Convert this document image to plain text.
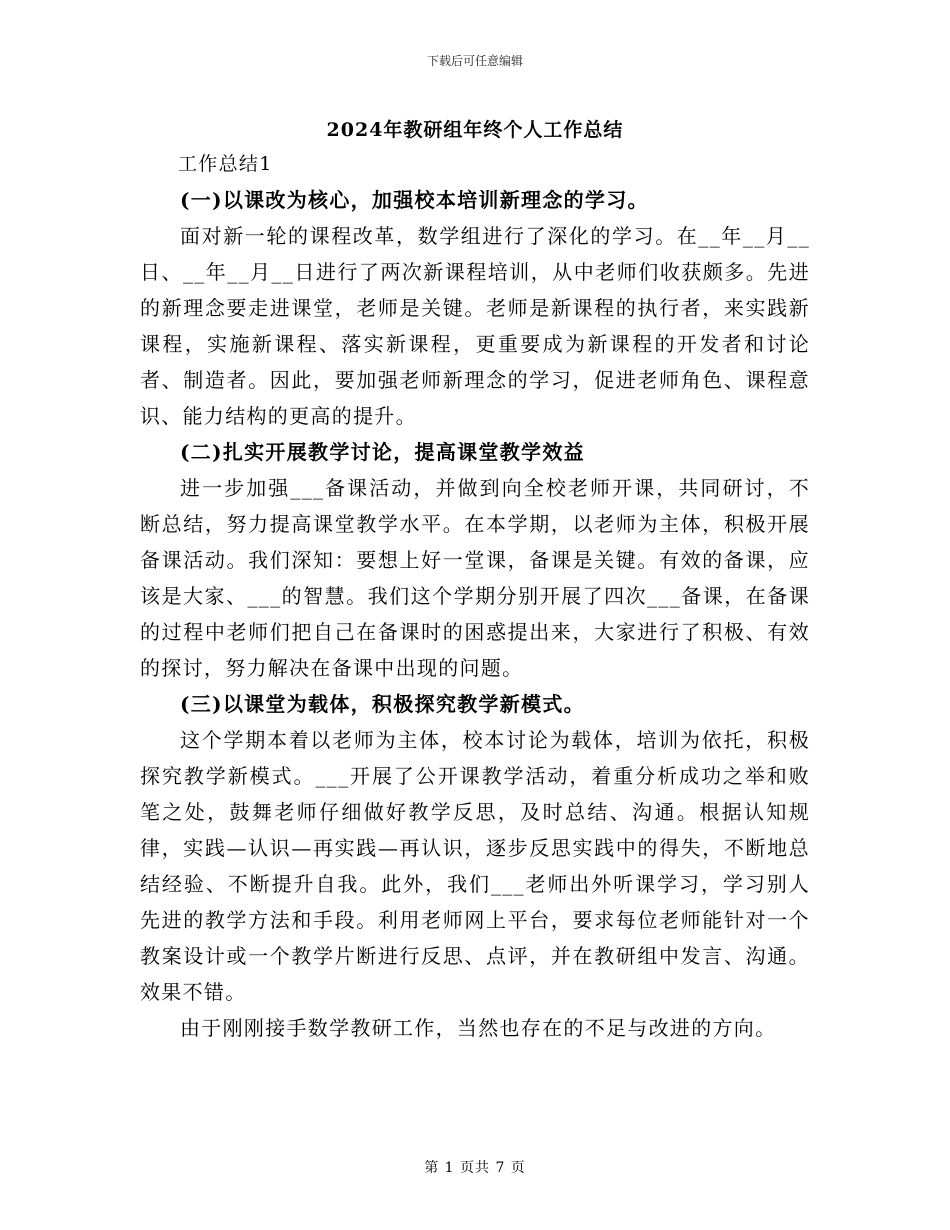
下载后可任意编辑
2024年教研组年终个人工作总结

工作总结1

(一)以课改为核心，加强校本培训新理念的学习。

面对新一轮的课程改革，数学组进行了深化的学习。在__年__月__日、__年__月__日进行了两次新课程培训，从中老师们收获颇多。先进的新理念要走进课堂，老师是关键。老师是新课程的执行者，来实践新课程，实施新课程、落实新课程，更重要成为新课程的开发者和讨论者、制造者。因此，要加强老师新理念的学习，促进老师角色、课程意识、能力结构的更高的提升。

(二)扎实开展教学讨论，提高课堂教学效益

进一步加强___备课活动，并做到向全校老师开课，共同研讨，不断总结，努力提高课堂教学水平。在本学期，以老师为主体，积极开展备课活动。我们深知：要想上好一堂课，备课是关键。有效的备课，应该是大家、___的智慧。我们这个学期分别开展了四次___备课，在备课的过程中老师们把自己在备课时的困惑提出来，大家进行了积极、有效的探讨，努力解决在备课中出现的问题。

(三)以课堂为载体，积极探究教学新模式。

这个学期本着以老师为主体，校本讨论为载体，培训为依托，积极探究教学新模式。___开展了公开课教学活动，着重分析成功之举和败笔之处，鼓舞老师仔细做好教学反思，及时总结、沟通。根据认知规律，实践—认识—再实践—再认识，逐步反思实践中的得失，不断地总结经验、不断提升自我。此外，我们___老师出外听课学习，学习别人先进的教学方法和手段。利用老师网上平台，要求每位老师能针对一个教案设计或一个教学片断进行反思、点评，并在教研组中发言、沟通。效果不错。

由于刚刚接手数学教研工作，当然也存在的不足与改进的方向。

第 1 页共 7 页
